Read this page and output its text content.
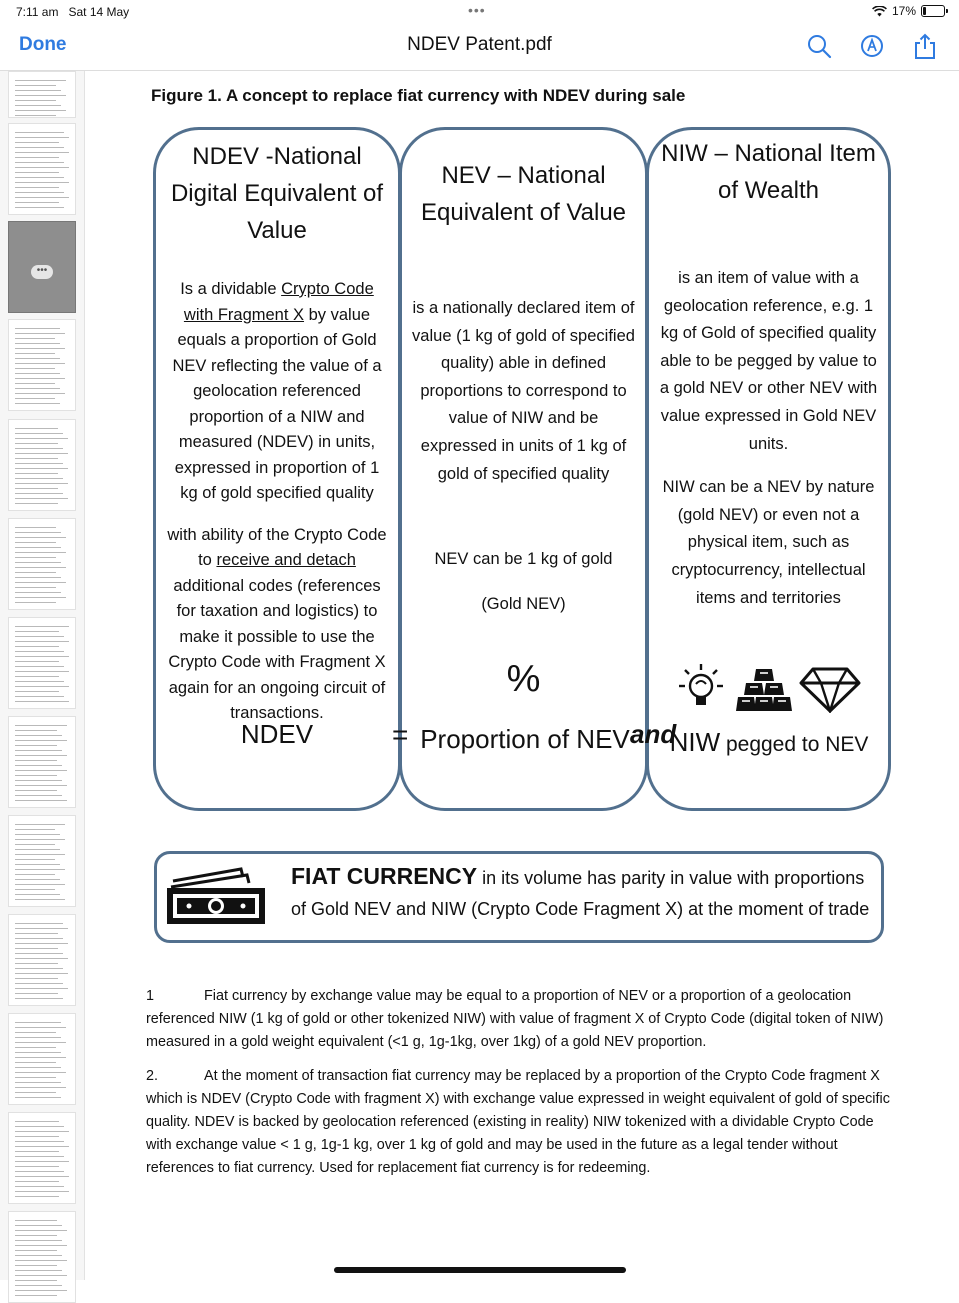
7:11 am Sat 14 May	•••	17%
Done	NDEV Patent.pdf
•••
Figure 1. A concept to replace fiat currency with NDEV during sale
NDEV -National Digital Equivalent of Value

Is a dividable Crypto Code with Fragment X by value equals a proportion of Gold NEV reflecting the value of a geolocation referenced proportion of a NIW and measured (NDEV) in units, expressed in proportion of 1 kg of gold specified quality

with ability of the Crypto Code to receive and detach additional codes (references for taxation and logistics) to make it possible to use the Crypto Code with Fragment X again for an ongoing circuit of transactions.

NDEV
NEV – National Equivalent of Value

is a nationally declared item of value (1 kg of gold of specified quality) able in defined proportions to correspond to value of NIW and be expressed in units of 1 kg of gold of specified quality

NEV can be 1 kg of gold

(Gold NEV)

%
Proportion of NEV
NIW – National Item of Wealth

is an item of value with a geolocation reference, e.g. 1 kg of Gold of specified quality able to be pegged by value to a gold NEV or other NEV with value expressed in Gold NEV units.

NIW can be a NEV by nature (gold NEV) or even not a physical item, such as cryptocurrency, intellectual items and territories

NIW pegged to NEV
=	and
FIAT CURRENCY in its volume has parity in value with proportions
of Gold NEV and NIW (Crypto Code Fragment X) at the moment of trade

1	Fiat currency by exchange value may be equal to a proportion of NEV or a proportion of a geolocation referenced NIW (1 kg of gold or other tokenized NIW) with value of fragment X of Crypto Code (digital token of NIW) measured in a gold weight equivalent (<1 g, 1g-1kg, over 1kg) of a gold NEV proportion.

2.	At the moment of transaction fiat currency may be replaced by a proportion of the Crypto Code fragment X which is NDEV (Crypto Code with fragment X) with exchange value expressed in weight equivalent of gold of specific quality. NDEV is backed by geolocation referenced (existing in reality) NIW tokenized with a dividable Crypto Code with exchange value < 1 g, 1g-1 kg, over 1 kg of gold and may be used in the future as a legal tender without references to fiat currency. Used for replacement fiat currency is for redeeming.
